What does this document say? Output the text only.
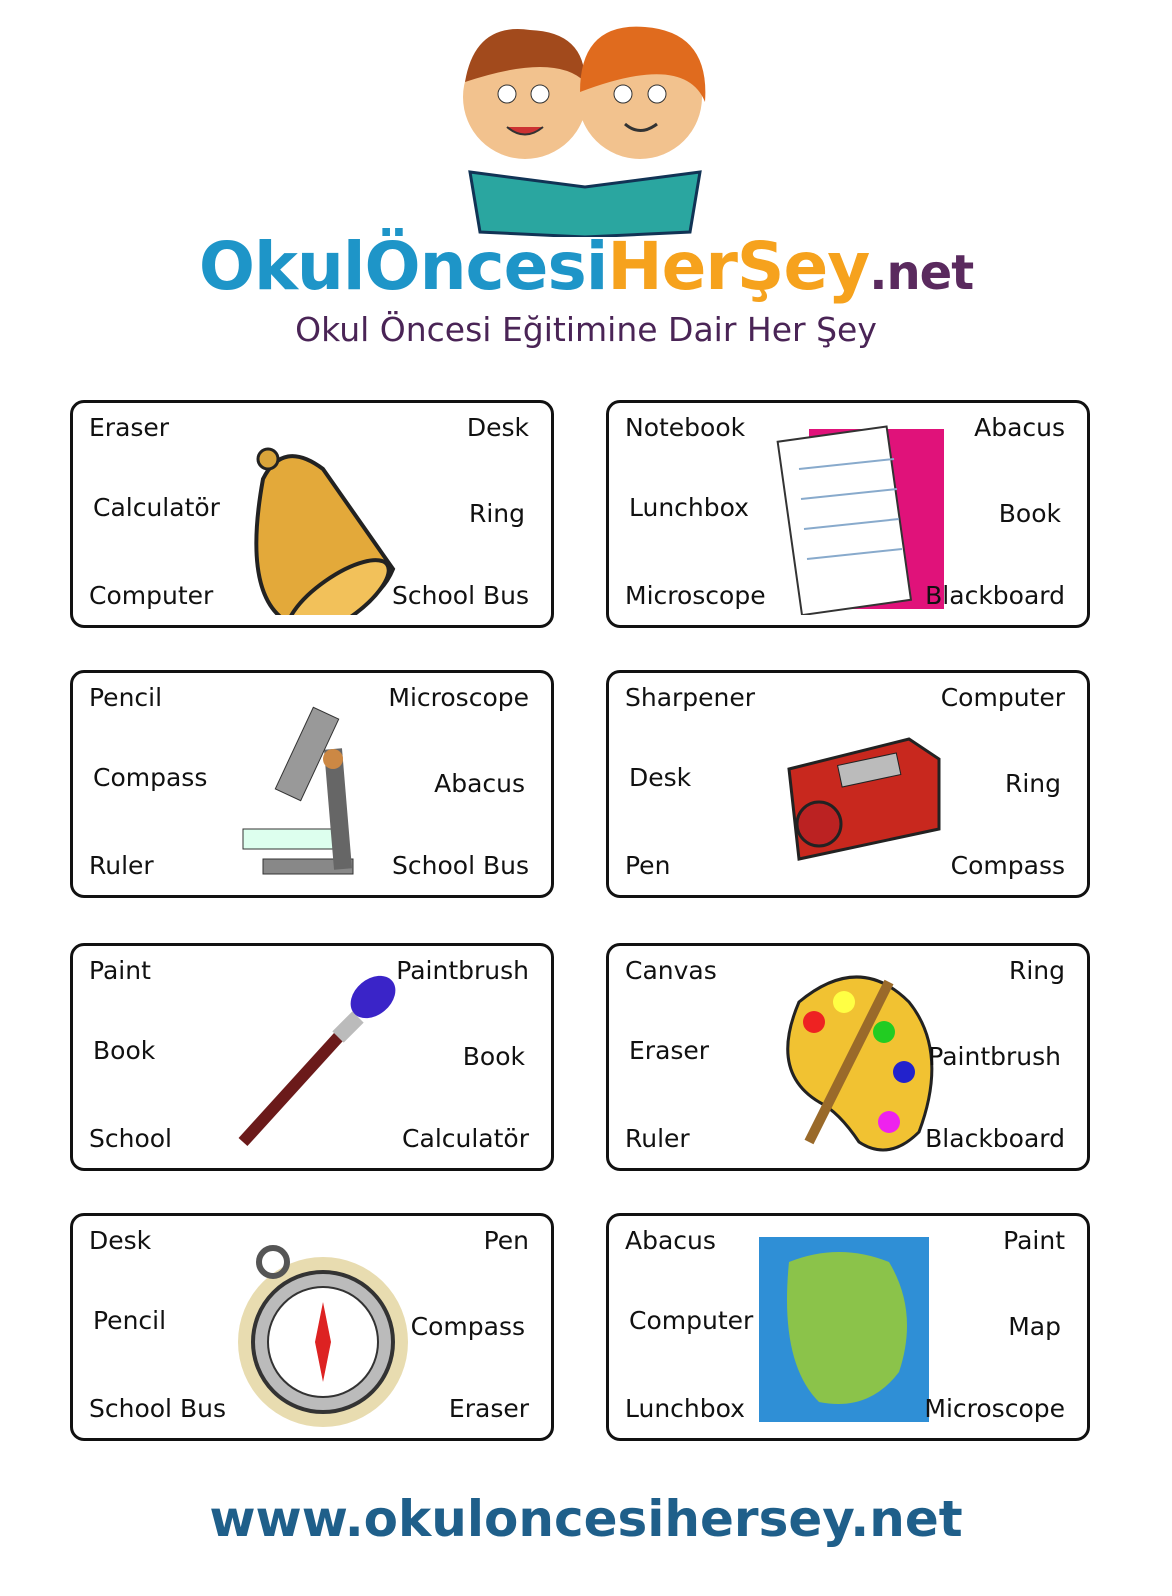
OkulÖncesiHerŞey.net
Okul Öncesi Eğitimine Dair Her Şey
Eraser
Calculatör
Computer
Desk
Ring
School Bus
Notebook
Lunchbox
Microscope
Abacus
Book
Blackboard
Pencil
Compass
Ruler
Microscope
Abacus
School Bus
Sharpener
Desk
Pen
Computer
Ring
Compass
Paint
Book
School
Paintbrush
Book
Calculatör
Canvas
Eraser
Ruler
Ring
Paintbrush
Blackboard
Desk
Pencil
School Bus
Pen
Compass
Eraser
Abacus
Computer
Lunchbox
Paint
Map
Microscope
www.okuloncesihersey.net
